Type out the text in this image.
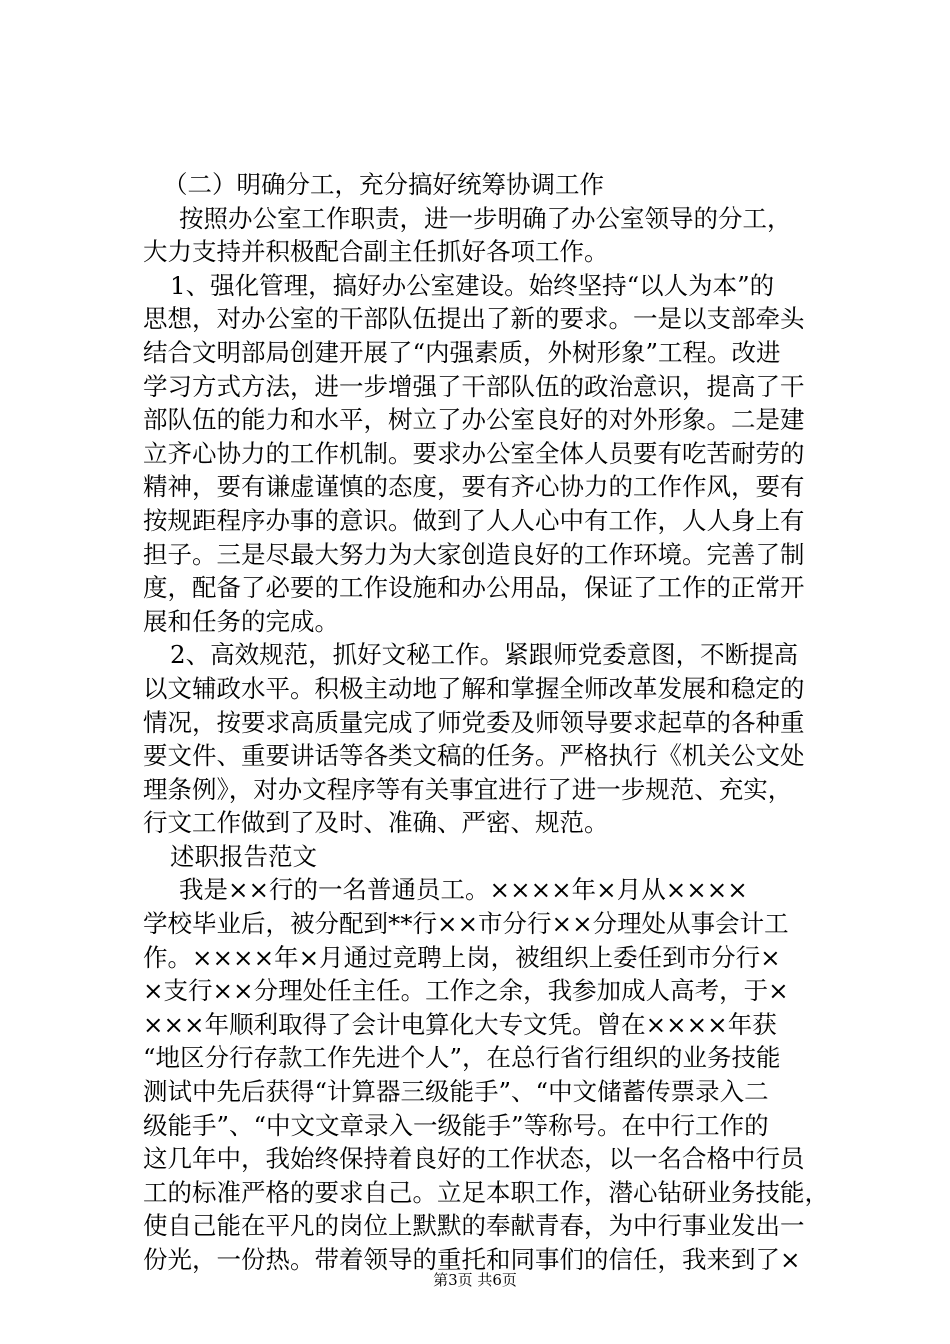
（二）明确分工，充分搞好统筹协调工作
按照办公室工作职责，进一步明确了办公室领导的分工，
大力支持并积极配合副主任抓好各项工作。
1、强化管理，搞好办公室建设。始终坚持“以人为本”的
思想，对办公室的干部队伍提出了新的要求。一是以支部牵头
结合文明部局创建开展了“内强素质，外树形象”工程。改进
学习方式方法，进一步增强了干部队伍的政治意识，提高了干
部队伍的能力和水平，树立了办公室良好的对外形象。二是建
立齐心协力的工作机制。要求办公室全体人员要有吃苦耐劳的
精神，要有谦虚谨慎的态度，要有齐心协力的工作作风，要有
按规距程序办事的意识。做到了人人心中有工作，人人身上有
担子。三是尽最大努力为大家创造良好的工作环境。完善了制
度，配备了必要的工作设施和办公用品，保证了工作的正常开
展和任务的完成。
2、高效规范，抓好文秘工作。紧跟师党委意图，不断提高
以文辅政水平。积极主动地了解和掌握全师改革发展和稳定的
情况，按要求高质量完成了师党委及师领导要求起草的各种重
要文件、重要讲话等各类文稿的任务。严格执行《机关公文处
理条例》，对办文程序等有关事宜进行了进一步规范、充实，
行文工作做到了及时、准确、严密、规范。
述职报告范文
我是××行的一名普通员工。××××年×月从××××
学校毕业后，被分配到**行××市分行××分理处从事会计工
作。××××年×月通过竞聘上岗，被组织上委任到市分行×
×支行××分理处任主任。工作之余，我参加成人高考，于×
×××年顺利取得了会计电算化大专文凭。曾在××××年获
“地区分行存款工作先进个人”，在总行省行组织的业务技能
测试中先后获得“计算器三级能手”、“中文储蓄传票录入二
级能手”、“中文文章录入一级能手”等称号。在中行工作的
这几年中，我始终保持着良好的工作状态，以一名合格中行员
工的标准严格的要求自己。立足本职工作，潜心钻研业务技能，
使自己能在平凡的岗位上默默的奉献青春，为中行事业发出一
份光，一份热。带着领导的重托和同事们的信任，我来到了×
第3页 共6页
